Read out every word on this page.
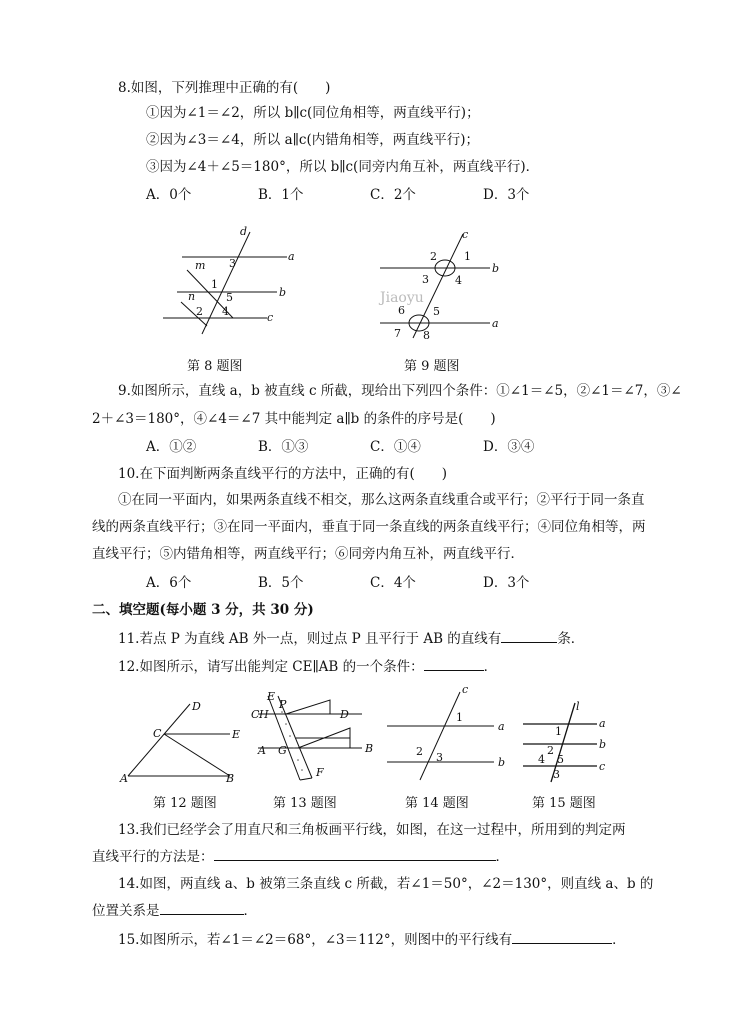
8.如图，下列推理中正确的有(　　)
①因为∠1＝∠2，所以 b∥c(同位角相等，两直线平行)；
②因为∠3＝∠4，所以 a∥c(内错角相等，两直线平行)；
③因为∠4＋∠5＝180°，所以 b∥c(同旁内角互补，两直线平行)．
A．0个	B．1个	C．2个	D．3个
d
a
m 3
1
5	b
n
2 4	c
第 8 题图
Jiaoyu
c
2 1
b
3 4
6	5
a
7 8
第 9 题图
9.如图所示，直线 a，b 被直线 c 所截，现给出下列四个条件：①∠1＝∠5，②∠1＝∠7，③∠
2＋∠3＝180°，④∠4＝∠7 其中能判定 a∥b 的条件的序号是(　　)
A．①②	B．①③	C．①④	D．③④
10.在下面判断两条直线平行的方法中，正确的有(　　)
①在同一平面内，如果两条直线不相交，那么这两条直线重合或平行；②平行于同一条直线的两条直线平行；③在同一平面内，垂直于同一条直线的两条直线平行；④同位角相等，两直线平行；⑤内错角相等，两直线平行；⑥同旁内角互补，两直线平行．
A．6个	B．5个	C．4个	D．3个
二、填空题(每小题 3 分，共 30 分)
11.若点 P 为直线 AB 外一点，则过点 P 且平行于 AB 的直线有	条．
12.如图所示，请写出能判定 CE∥AB 的一个条件：	．
D
C	E
A	B
第 12 题图
E
C H
P
D
A G	B
F
第 13 题图
c
1
a
2 3	b
第 14 题图
l
a
1
b
2
4 5
c
3
第 15 题图
13.我们已经学会了用直尺和三角板画平行线，如图，在这一过程中，所用到的判定两
直线平行的方法是：	．
14.如图，两直线 a、b 被第三条直线 c 所截，若∠1＝50°，∠2＝130°，则直线 a、b 的
位置关系是	．
15.如图所示，若∠1＝∠2＝68°，∠3＝112°，则图中的平行线有	．
